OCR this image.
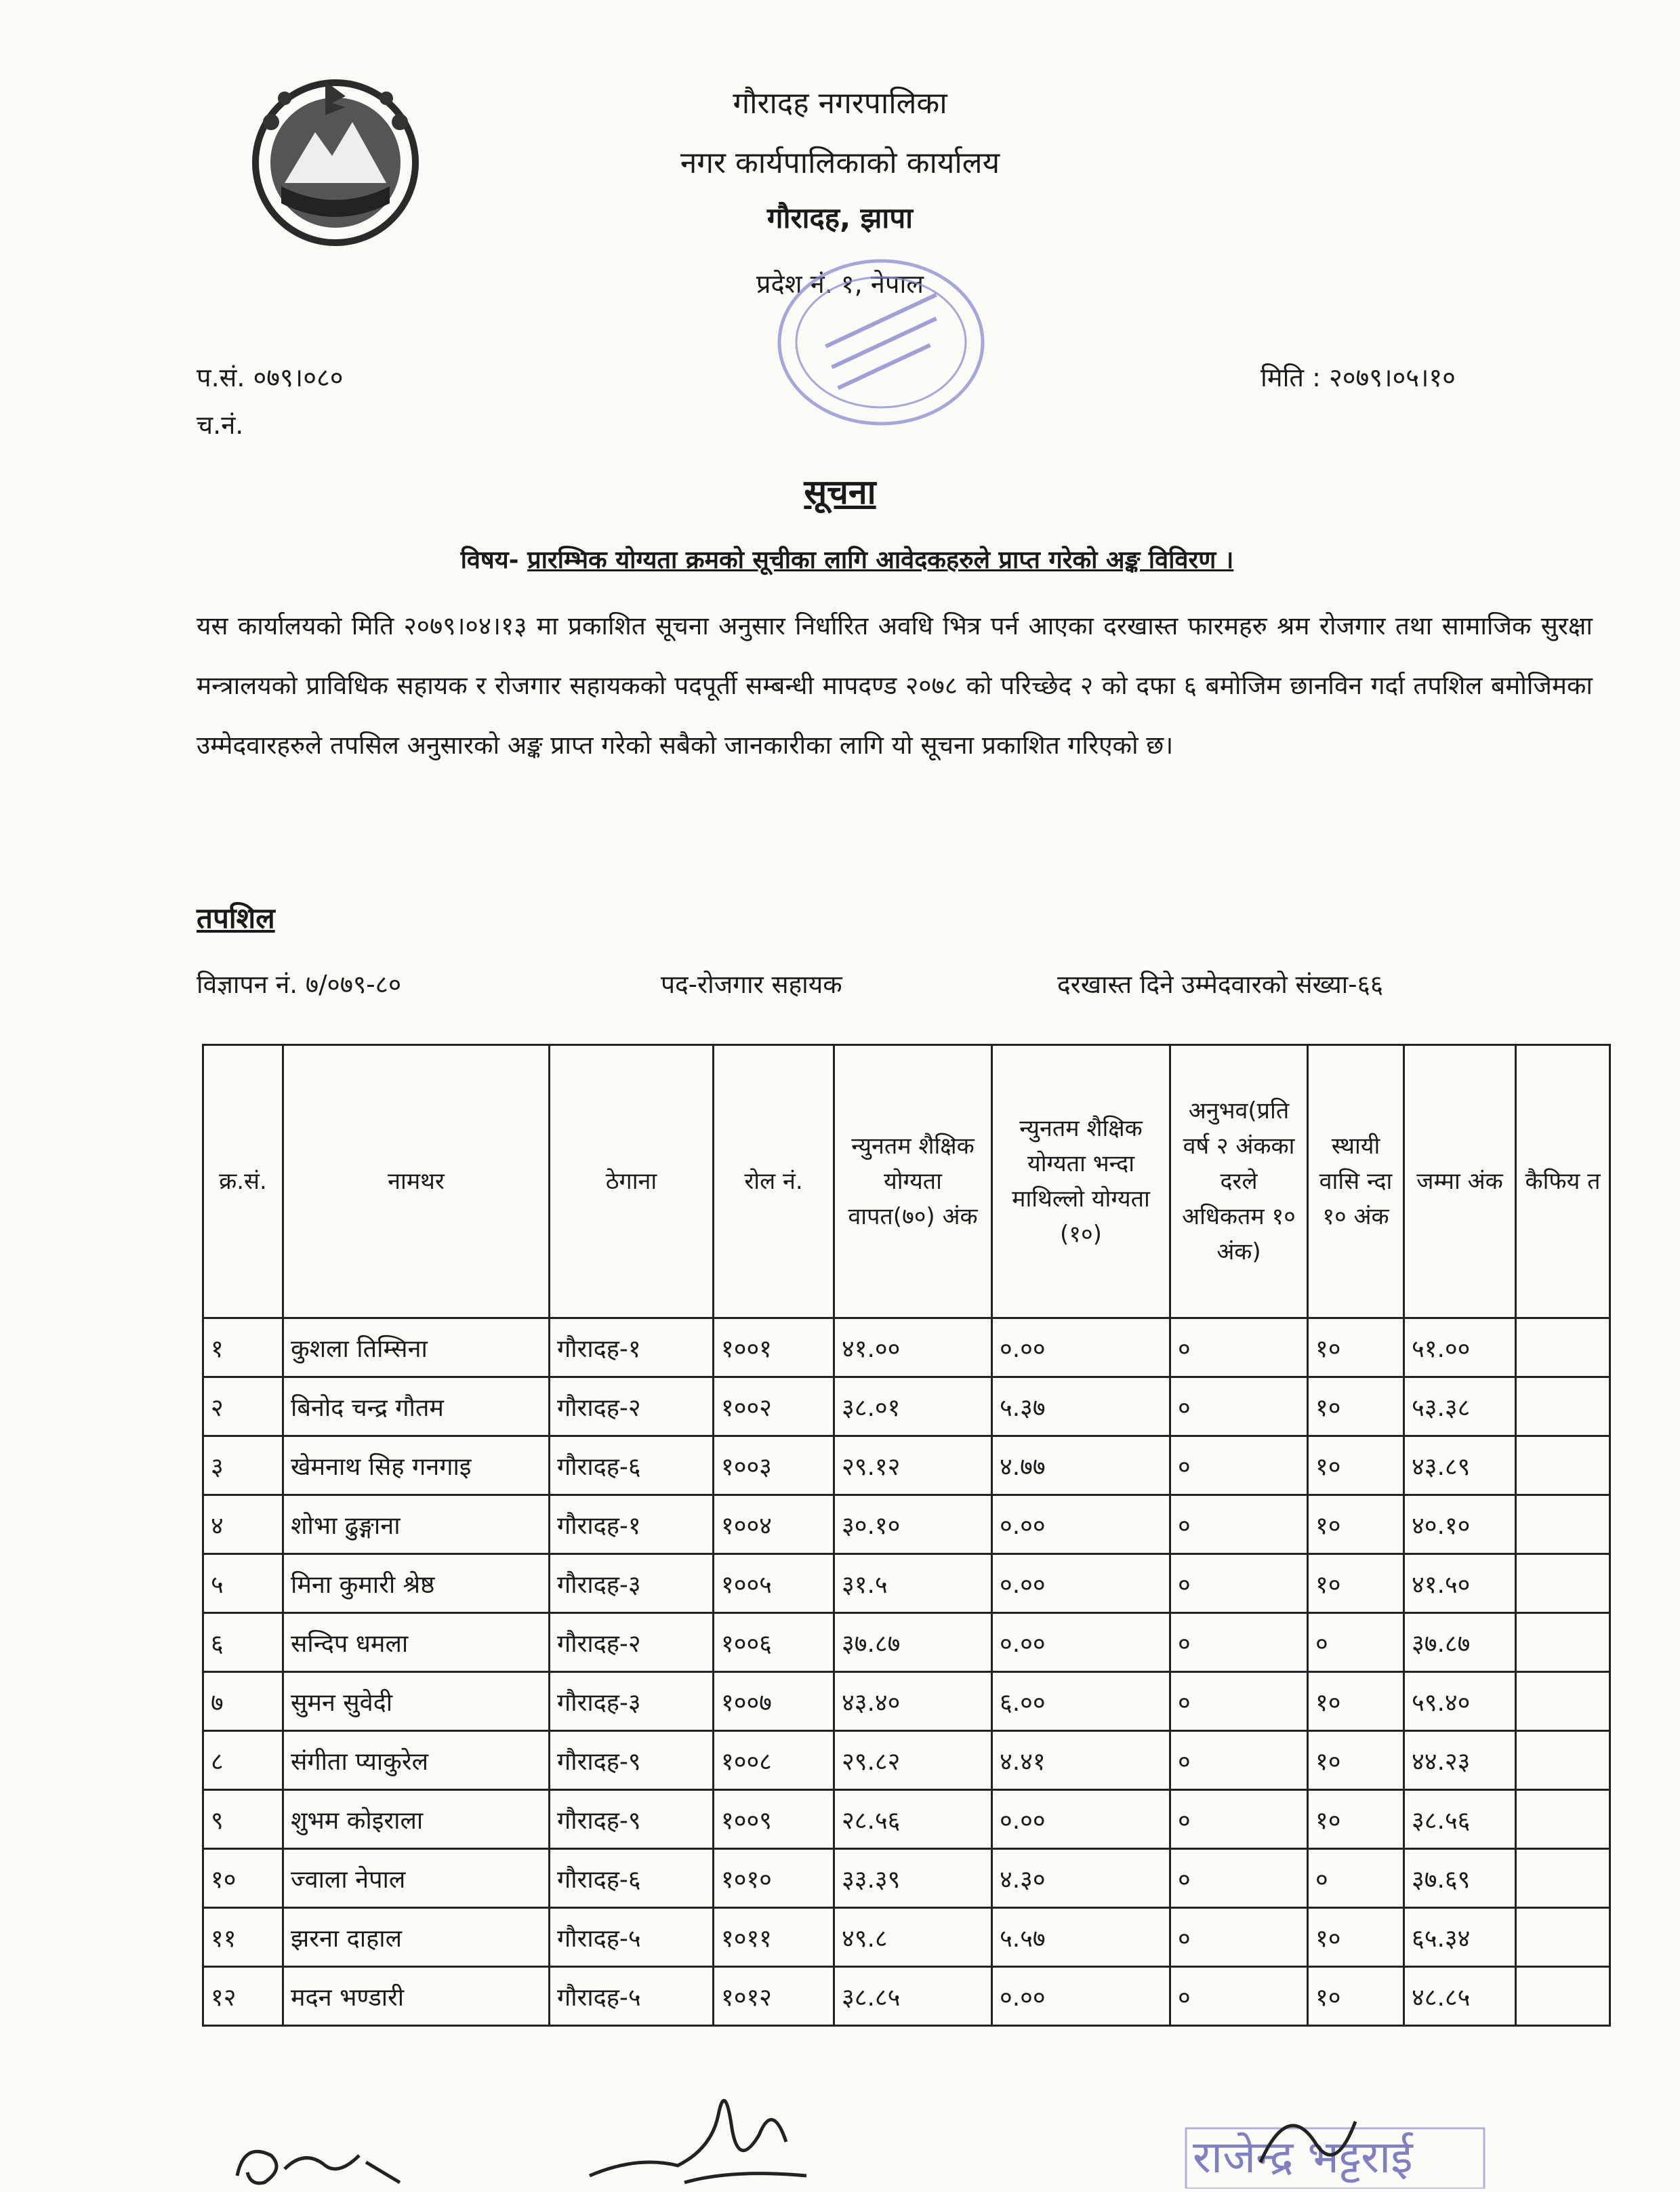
गौरादह नगरपालिका
नगर कार्यपालिकाको कार्यालय
गौरादह, झापा
प्रदेश नं. १, नेपाल
प.सं. ०७९।०८०
च.नं.
मिति : २०७९।०५।१०
सूचना
विषय- प्रारम्भिक योग्यता क्रमको सूचीका लागि आवेदकहरुले प्राप्त गरेको अङ्क विविरण ।
यस कार्यालयको मिति २०७९।०४।१३ मा प्रकाशित सूचना अनुसार निर्धारित अवधि भित्र पर्न आएका दरखास्त फारमहरु श्रम रोजगार तथा सामाजिक सुरक्षा मन्त्रालयको प्राविधिक सहायक र रोजगार सहायकको पदपूर्ती सम्बन्धी मापदण्ड २०७८ को परिच्छेद २ को दफा ६ बमोजिम छानविन गर्दा तपशिल बमोजिमका उम्मेदवारहरुले तपसिल अनुसारको अङ्क प्राप्त गरेको सबैको जानकारीका लागि यो सूचना प्रकाशित गरिएको छ।
तपशिल
विज्ञापन नं. ७/०७९-८०	पद-रोजगार सहायक	दरखास्त दिने उम्मेदवारको संख्या-६६
क्र.सं.	नामथर	ठेगाना	रोल नं.	न्युनतम शैक्षिक योग्यता वापत(७०) अंक	न्युनतम शैक्षिक योग्यता भन्दा माथिल्लो योग्यता (१०)	अनुभव(प्रति वर्ष २ अंकका दरले अधिकतम १० अंक)	स्थायी वासि न्दा १० अंक	जम्मा अंक	कैफिय त
१	कुशला तिम्सिना	गौरादह-१	१००१	४१.००	०.००	०	१०	५१.००	
२	बिनोद चन्द्र गौतम	गौरादह-२	१००२	३८.०१	५.३७	०	१०	५३.३८	
३	खेमनाथ सिह गनगाइ	गौरादह-६	१००३	२९.१२	४.७७	०	१०	४३.८९	
४	शोभा ढुङ्गाना	गौरादह-१	१००४	३०.१०	०.००	०	१०	४०.१०	
५	मिना कुमारी श्रेष्ठ	गौरादह-३	१००५	३१.५	०.००	०	१०	४१.५०	
६	सन्दिप धमला	गौरादह-२	१००६	३७.८७	०.००	०	०	३७.८७	
७	सुमन सुवेदी	गौरादह-३	१००७	४३.४०	६.००	०	१०	५९.४०	
८	संगीता प्याकुरेल	गौरादह-९	१००८	२९.८२	४.४१	०	१०	४४.२३	
९	शुभम कोइराला	गौरादह-९	१००९	२८.५६	०.००	०	१०	३८.५६	
१०	ज्वाला नेपाल	गौरादह-६	१०१०	३३.३९	४.३०	०	०	३७.६९	
११	झरना दाहाल	गौरादह-५	१०११	४९.८	५.५७	०	१०	६५.३४	
१२	मदन भण्डारी	गौरादह-५	१०१२	३८.८५	०.००	०	१०	४८.८५	
राजेन्द्र भट्टराई
